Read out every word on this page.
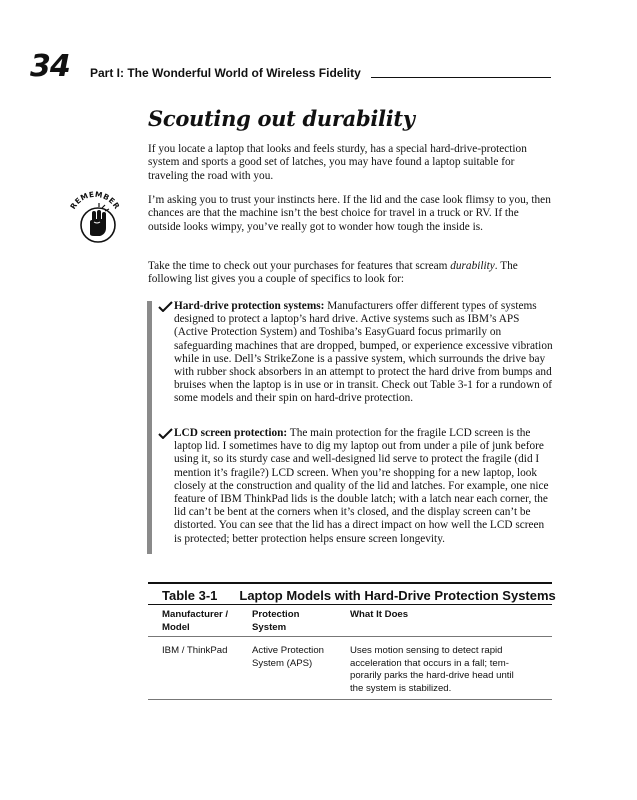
34 Part I: The Wonderful World of Wireless Fidelity
Scouting out durability

If you locate a laptop that looks and feels sturdy, has a special hard-drive-protection system and sports a good set of latches, you may have found a laptop suitable for traveling the road with you.

REMEMBER I’m asking you to trust your instincts here. If the lid and the case look flimsy to you, then chances are that the machine isn’t the best choice for travel in a truck or RV. If the outside looks wimpy, you’ve really got to wonder how tough the inside is.

Take the time to check out your purchases for features that scream durability. The following list gives you a couple of specifics to look for:

Hard-drive protection systems: Manufacturers offer different types of systems designed to protect a laptop’s hard drive. Active systems such as IBM’s APS (Active Protection System) and Toshiba’s EasyGuard focus primarily on safeguarding machines that are dropped, bumped, or experience excessive vibration while in use. Dell’s StrikeZone is a passive system, which surrounds the drive bay with rubber shock absorbers in an attempt to protect the hard drive from bumps and bruises when the laptop is in use or in transit. Check out Table 3-1 for a rundown of some models and their spin on hard-drive protection.
LCD screen protection: The main protection for the fragile LCD screen is the laptop lid. I sometimes have to dig my laptop out from under a pile of junk before using it, so its sturdy case and well-designed lid serve to protect the fragile (did I mention it’s fragile?) LCD screen. When you’re shopping for a new laptop, look closely at the construction and quality of the lid and latches. For example, one nice feature of IBM ThinkPad lids is the double latch; with a latch near each corner, the lid can’t be bent at the corners when it’s closed, and the display screen can’t be distorted. You can see that the lid has a direct impact on how well the LCD screen is protected; better protection helps ensure screen longevity.
Table 3-1 Laptop Models with Hard-Drive Protection Systems
Manufacturer /
Model
Protection
System
What It Does
IBM / ThinkPad	Active Protection
System (APS)
Uses motion sensing to detect rapid
acceleration that occurs in a fall; tem-
porarily parks the hard-drive head until
the system is stabilized.
